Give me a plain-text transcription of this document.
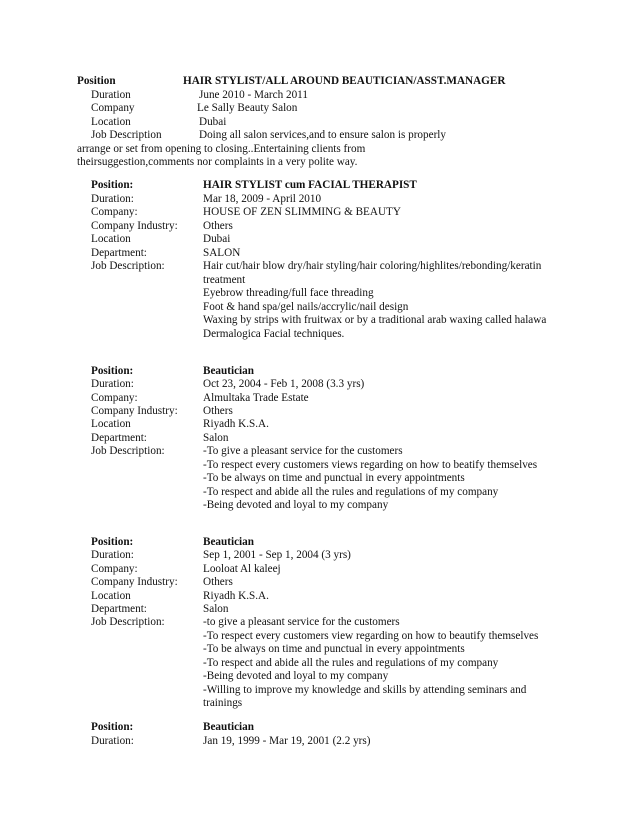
Position	HAIR STYLIST/ALL AROUND BEAUTICIAN/ASST.MANAGER
Duration	June 2010 - March 2011
Company	Le Sally Beauty Salon
Location	Dubai
Job Description	Doing all salon services,and to ensure salon is properly
arrange or set from opening to closing..Entertaining clients from
theirsuggestion,comments nor complaints in a very polite way.
Position:	HAIR STYLIST cum FACIAL THERAPIST
Duration:	Mar 18, 2009 - April 2010
Company:	HOUSE OF ZEN SLIMMING & BEAUTY
Company Industry: Others
Location	Dubai
Department:	SALON
Job Description:	Hair cut/hair blow dry/hair styling/hair coloring/highlites/rebonding/keratin
treatment
Eyebrow threading/full face threading
Foot & hand spa/gel nails/accrylic/nail design
Waxing by strips with fruitwax or by a traditional arab waxing called halawa
Dermalogica Facial techniques.
Position:	Beautician
Duration:	Oct 23, 2004 - Feb 1, 2008 (3.3 yrs)
Company:	Almultaka Trade Estate
Company Industry: Others
Location	Riyadh K.S.A.
Department:	Salon
Job Description:	-To give a pleasant service for the customers
-To respect every customers views regarding on how to beatify themselves
-To be always on time and punctual in every appointments
-To respect and abide all the rules and regulations of my company
-Being devoted and loyal to my company
Position:	Beautician
Duration:	Sep 1, 2001 - Sep 1, 2004 (3 yrs)
Company:	Looloat Al kaleej
Company Industry: Others
Location	Riyadh K.S.A.
Department:	Salon
Job Description:	-to give a pleasant service for the customers
-To respect every customers view regarding on how to beautify themselves
-To be always on time and punctual in every appointments
-To respect and abide all the rules and regulations of my company
-Being devoted and loyal to my company
-Willing to improve my knowledge and skills by attending seminars and
trainings
Position:	Beautician
Duration:	Jan 19, 1999 - Mar 19, 2001 (2.2 yrs)
